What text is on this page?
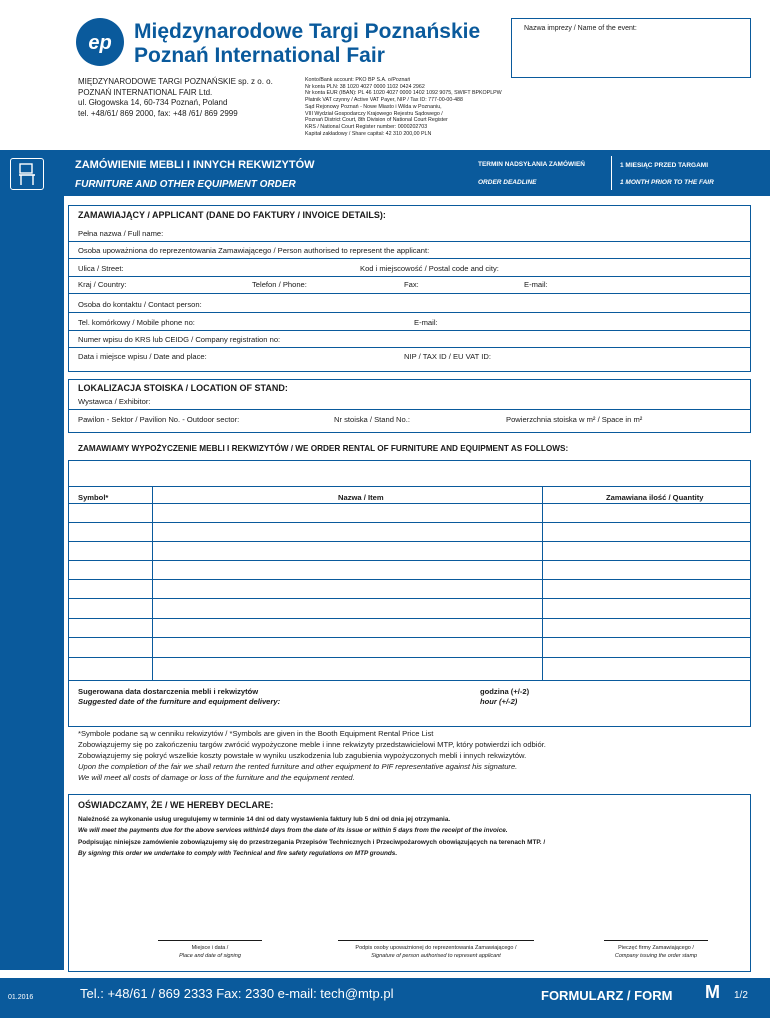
ep Międzynarodowe Targi Poznańskie
Poznań International Fair
Nazwa imprezy / Name of the event:
MIĘDZYNARODOWE TARGI POZNAŃSKIE sp. z o. o.
POZNAŃ INTERNATIONAL FAIR Ltd.
ul. Głogowska 14, 60-734 Poznań, Poland
tel. +48/61/ 869 2000, fax: +48 /61/ 869 2999
Konto/Bank account: PKO BP S.A. o/Poznań
Nr konta PLN: 38 1020 4027 0000 1102 0424 2962
Nr konta EUR (IBAN): PL 46 1020 4027 0000 1402 1092 9075, SWIFT BPKOPLPW
Płatnik VAT czynny / Active VAT Payer, NIP / Tax ID: 777-00-00-488
Sąd Rejonowy Poznań - Nowe Miasto i Wilda w Poznaniu,
VIII Wydział Gospodarczy Krajowego Rejestru Sądowego /
Poznań District Court, 8th Division of National Court Register
KRS / National Court Register number: 0000202703
Kapitał zakładowy / Share capital: 42 310 200,00 PLN
ZAMÓWIENIE MEBLI I INNYCH REKWIZYTÓW
FURNITURE AND OTHER EQUIPMENT ORDER
TERMIN NADSYŁANIA ZAMÓWIEŃ
ORDER DEADLINE
1 MIESIĄC PRZED TARGAMI
1 MONTH PRIOR TO THE FAIR
ZAMAWIAJĄCY / APPLICANT (DANE DO FAKTURY / INVOICE DETAILS):
Pełna nazwa / Full name:
Osoba upoważniona do reprezentowania Zamawiającego / Person authorised to represent the applicant:
Ulica / Street:	Kod i miejscowość / Postal code and city:
Kraj / Country:	Telefon / Phone:	Fax:	E-mail:
Osoba do kontaktu / Contact person:
Tel. komórkowy / Mobile phone no:	E-mail:
Numer wpisu do KRS lub CEIDG / Company registration no:
Data i miejsce wpisu / Date and place:	NIP / TAX ID / EU VAT ID:
LOKALIZACJA STOISKA / LOCATION OF STAND:
Wystawca / Exhibitor:
Pawilon - Sektor / Pavilion No. - Outdoor sector:	Nr stoiska / Stand No.:	Powierzchnia stoiska w m² / Space in m²
ZAMAWIAMY WYPOŻYCZENIE MEBLI I REKWIZYTÓW / WE ORDER RENTAL OF FURNITURE AND EQUIPMENT AS FOLLOWS:
Symbol*	Nazwa / Item	Zamawiana ilość / Quantity
Sugerowana data dostarczenia mebli i rekwizytów
Suggested date of the furniture and equipment delivery:
godzina (+/-2)
hour (+/-2)
*Symbole podane są w cenniku rekwizytów / *Symbols are given in the Booth Equipment Rental Price List
Zobowiązujemy się po zakończeniu targów zwrócić wypożyczone meble i inne rekwizyty przedstawicielowi MTP, który potwierdzi ich odbiór.
Zobowiązujemy się pokryć wszelkie koszty powstałe w wyniku uszkodzenia lub zagubienia wypożyczonych mebli i innych rekwizytów.
Upon the completion of the fair we shall return the rented furniture and other equipment to PIF representative against his signature.
We will meet all costs of damage or loss of the furniture and the equipment rented.
OŚWIADCZAMY, ŻE / WE HEREBY DECLARE:
Należność za wykonanie usług uregulujemy w terminie 14 dni od daty wystawienia faktury lub 5 dni od dnia jej otrzymania.
We will meet the payments due for the above services within14 days from the date of its issue or within 5 days from the receipt of the invoice.
Podpisując niniejsze zamówienie zobowiązujemy się do przestrzegania Przepisów Technicznych i Przeciwpożarowych obowiązujących na terenach MTP. /
By signing this order we undertake to comply with Technical and fire safety regulations on MTP grounds.
Miejsce i data /
Place and date of signing
Podpis osoby upoważnionej do reprezentowania Zamawiającego /
Signature of person authorised to represent applicant
Pieczęć firmy Zamawiającego /
Company issuing the order stamp
01.2016	Tel.: +48/61 / 869 2333 Fax: 2330 e-mail: tech@mtp.pl	FORMULARZ / FORM M 1/2
